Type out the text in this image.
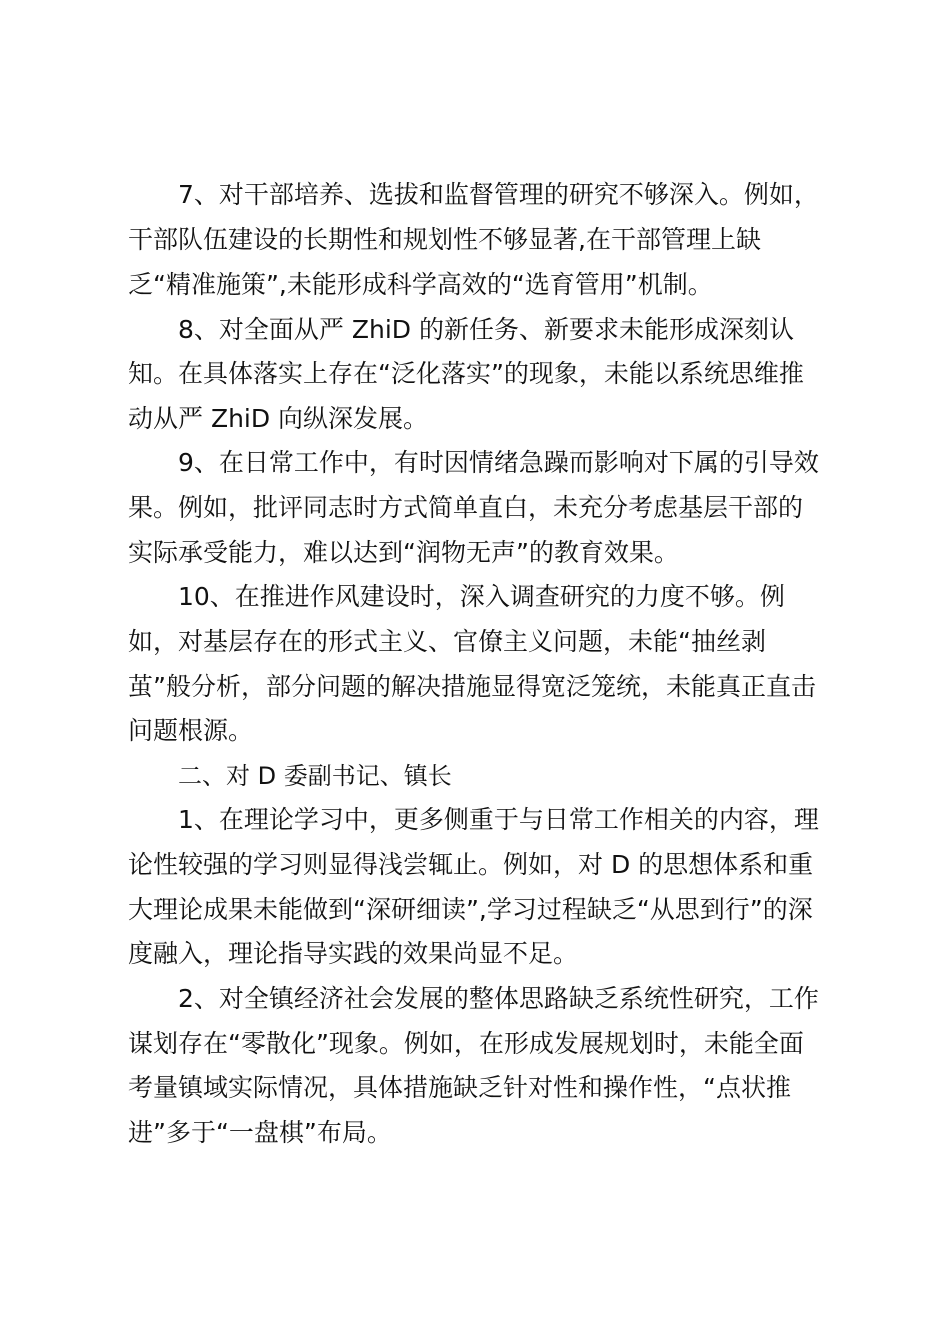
7、对干部培养、选拔和监督管理的研究不够深入。例如，
干部队伍建设的长期性和规划性不够显著,在干部管理上缺
乏“精准施策”,未能形成科学高效的“选育管用”机制。
8、对全面从严 ZhiD 的新任务、新要求未能形成深刻认
知。在具体落实上存在“泛化落实”的现象，未能以系统思维推
动从严 ZhiD 向纵深发展。
9、在日常工作中，有时因情绪急躁而影响对下属的引导效
果。例如，批评同志时方式简单直白，未充分考虑基层干部的
实际承受能力，难以达到“润物无声”的教育效果。
10、在推进作风建设时，深入调查研究的力度不够。例
如，对基层存在的形式主义、官僚主义问题，未能“抽丝剥
茧”般分析，部分问题的解决措施显得宽泛笼统，未能真正直击
问题根源。
二、对 D 委副书记、镇长
1、在理论学习中，更多侧重于与日常工作相关的内容，理
论性较强的学习则显得浅尝辄止。例如，对 D 的思想体系和重
大理论成果未能做到“深研细读”,学习过程缺乏“从思到行”的深
度融入，理论指导实践的效果尚显不足。
2、对全镇经济社会发展的整体思路缺乏系统性研究，工作
谋划存在“零散化”现象。例如，在形成发展规划时，未能全面
考量镇域实际情况，具体措施缺乏针对性和操作性，“点状推
进”多于“一盘棋”布局。
